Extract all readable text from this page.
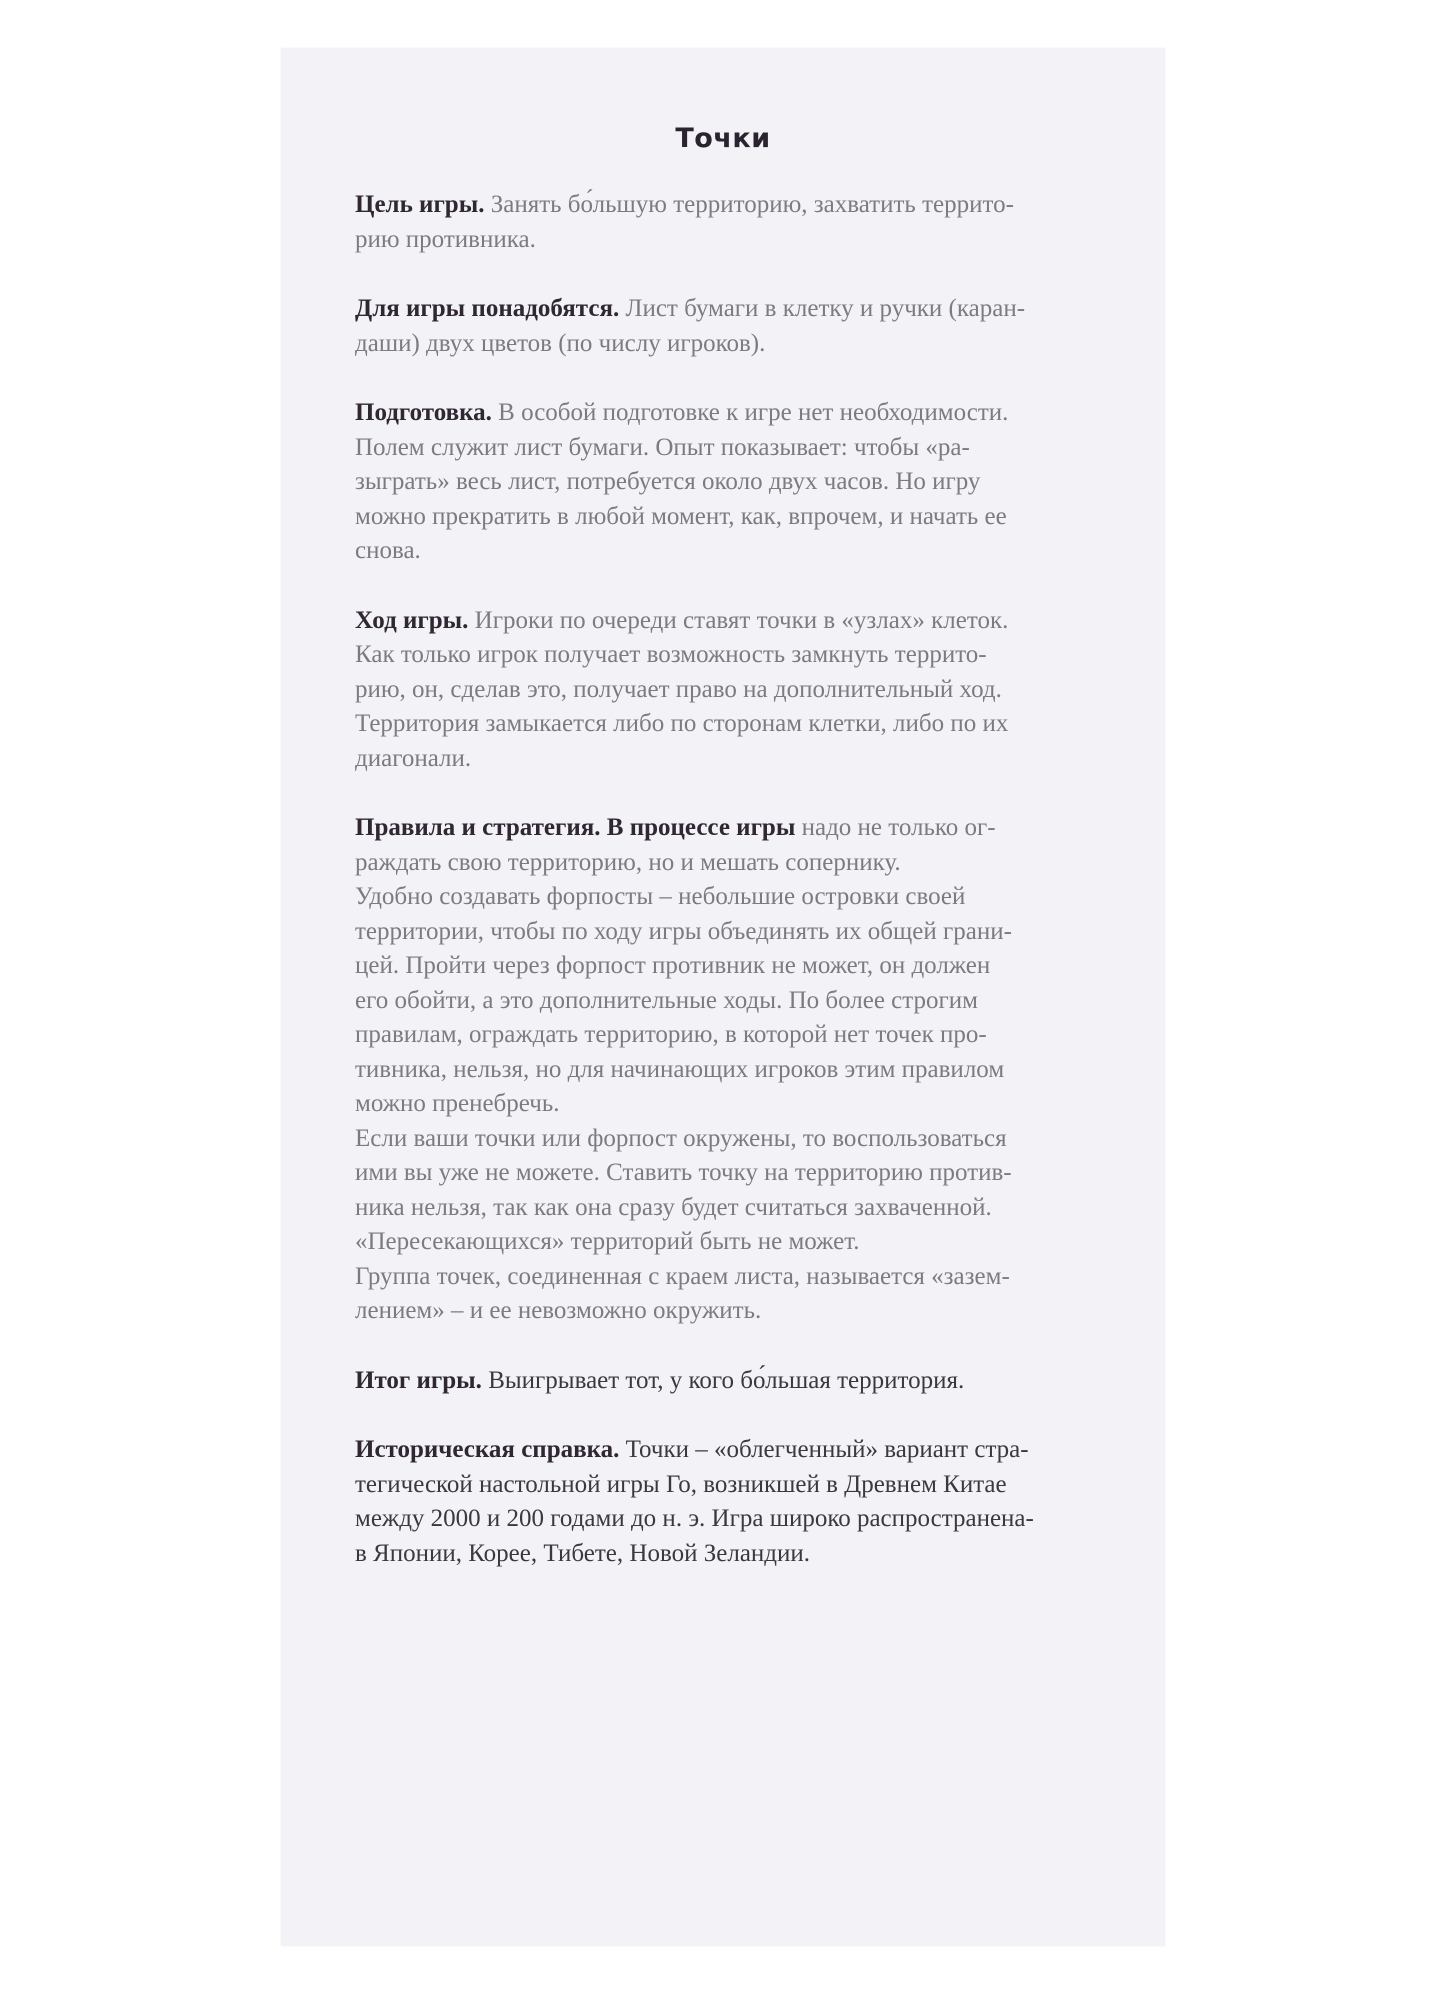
Точки

Цель игры. Занять бо́льшую территорию, захватить террито-
рию противника.

Для игры понадобятся. Лист бумаги в клетку и ручки (каран-
даши) двух цветов (по числу игроков).

Подготовка. В особой подготовке к игре нет необходимости.
Полем служит лист бумаги. Опыт показывает: чтобы «ра-
зыграть» весь лист, потребуется около двух часов. Но игру
можно прекратить в любой момент, как, впрочем, и начать ее
снова.

Ход игры. Игроки по очереди ставят точки в «узлах» клеток.
Как только игрок получает возможность замкнуть террито-
рию, он, сделав это, получает право на дополнительный ход.
Территория замыкается либо по сторонам клетки, либо по их
диагонали.

Правила и стратегия. В процессе игры надо не только ог-
раждать свою территорию, но и мешать сопернику.
Удобно создавать форпосты – небольшие островки своей
территории, чтобы по ходу игры объединять их общей грани-
цей. Пройти через форпост противник не может, он должен
его обойти, а это дополнительные ходы. По более строгим
правилам, ограждать территорию, в которой нет точек про-
тивника, нельзя, но для начинающих игроков этим правилом
можно пренебречь.
Если ваши точки или форпост окружены, то воспользоваться
ими вы уже не можете. Ставить точку на территорию против-
ника нельзя, так как она сразу будет считаться захваченной.
«Пересекающихся» территорий быть не может.
Группа точек, соединенная с краем листа, называется «зазем-
лением» – и ее невозможно окружить.

Итог игры. Выигрывает тот, у кого бо́льшая территория.

Историческая справка. Точки – «облегченный» вариант стра-
тегической настольной игры Го, возникшей в Древнем Китае
между 2000 и 200 годами до н. э. Игра широко распространена-
в Японии, Корее, Тибете, Новой Зеландии.
